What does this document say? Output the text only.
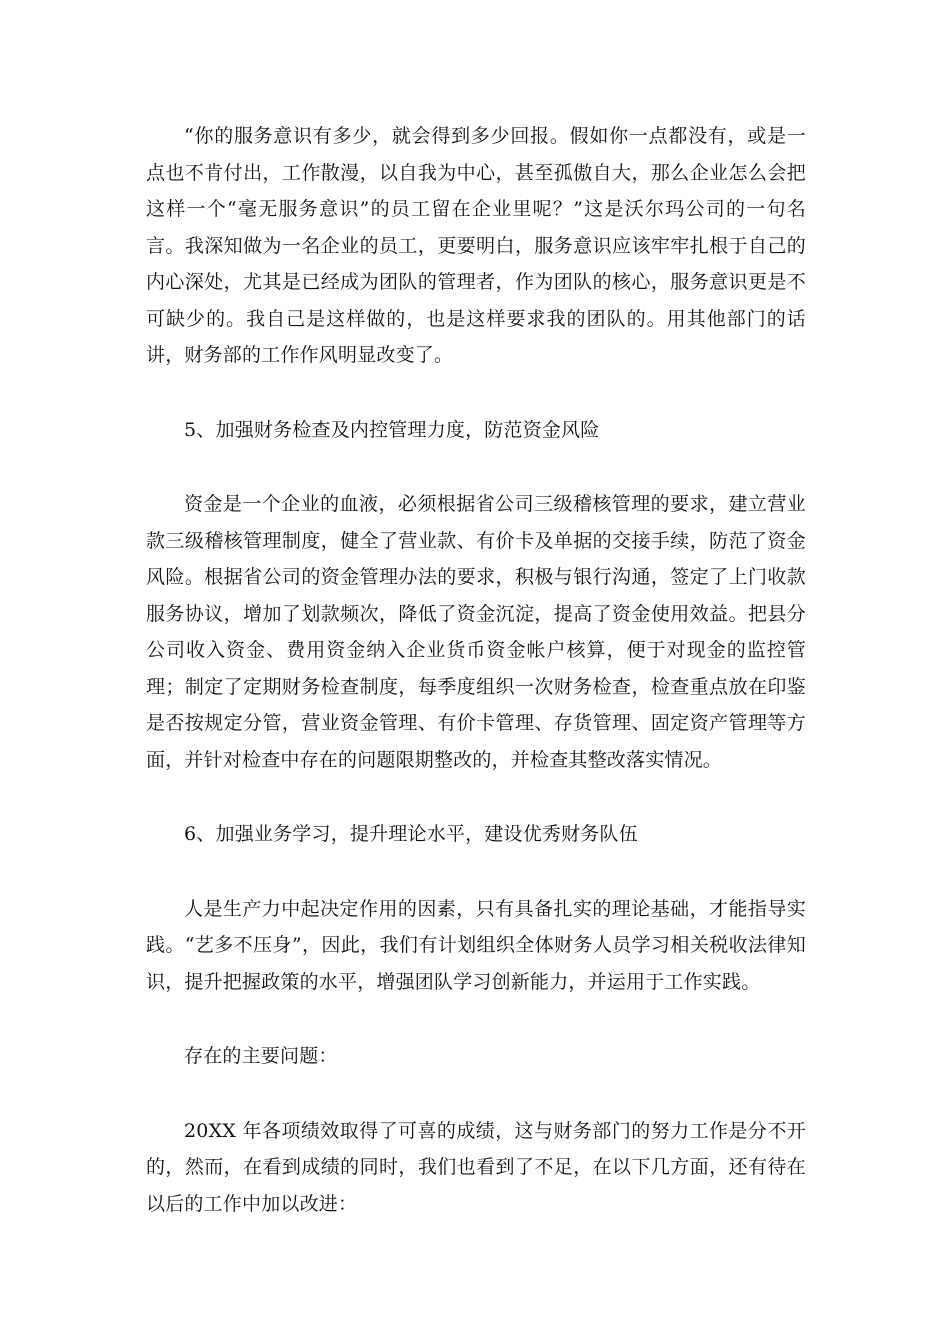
“你的服务意识有多少，就会得到多少回报。假如你一点都没有，或是一点也不肯付出，工作散漫，以自我为中心，甚至孤傲自大，那么企业怎么会把这样一个“毫无服务意识”的员工留在企业里呢？”这是沃尔玛公司的一句名言。我深知做为一名企业的员工，更要明白，服务意识应该牢牢扎根于自己的内心深处，尤其是已经成为团队的管理者，作为团队的核心，服务意识更是不可缺少的。我自己是这样做的，也是这样要求我的团队的。用其他部门的话讲，财务部的工作作风明显改变了。

5、加强财务检查及内控管理力度，防范资金风险

资金是一个企业的血液，必须根据省公司三级稽核管理的要求，建立营业款三级稽核管理制度，健全了营业款、有价卡及单据的交接手续，防范了资金风险。根据省公司的资金管理办法的要求，积极与银行沟通，签定了上门收款服务协议，增加了划款频次，降低了资金沉淀，提高了资金使用效益。把县分公司收入资金、费用资金纳入企业货币资金帐户核算，便于对现金的监控管理；制定了定期财务检查制度，每季度组织一次财务检查，检查重点放在印鉴是否按规定分管，营业资金管理、有价卡管理、存货管理、固定资产管理等方面，并针对检查中存在的问题限期整改的，并检查其整改落实情况。

6、加强业务学习，提升理论水平，建设优秀财务队伍

人是生产力中起决定作用的因素，只有具备扎实的理论基础，才能指导实践。“艺多不压身”，因此，我们有计划组织全体财务人员学习相关税收法律知识，提升把握政策的水平，增强团队学习创新能力，并运用于工作实践。

存在的主要问题：

20XX 年各项绩效取得了可喜的成绩，这与财务部门的努力工作是分不开的，然而，在看到成绩的同时，我们也看到了不足，在以下几方面，还有待在以后的工作中加以改进：
